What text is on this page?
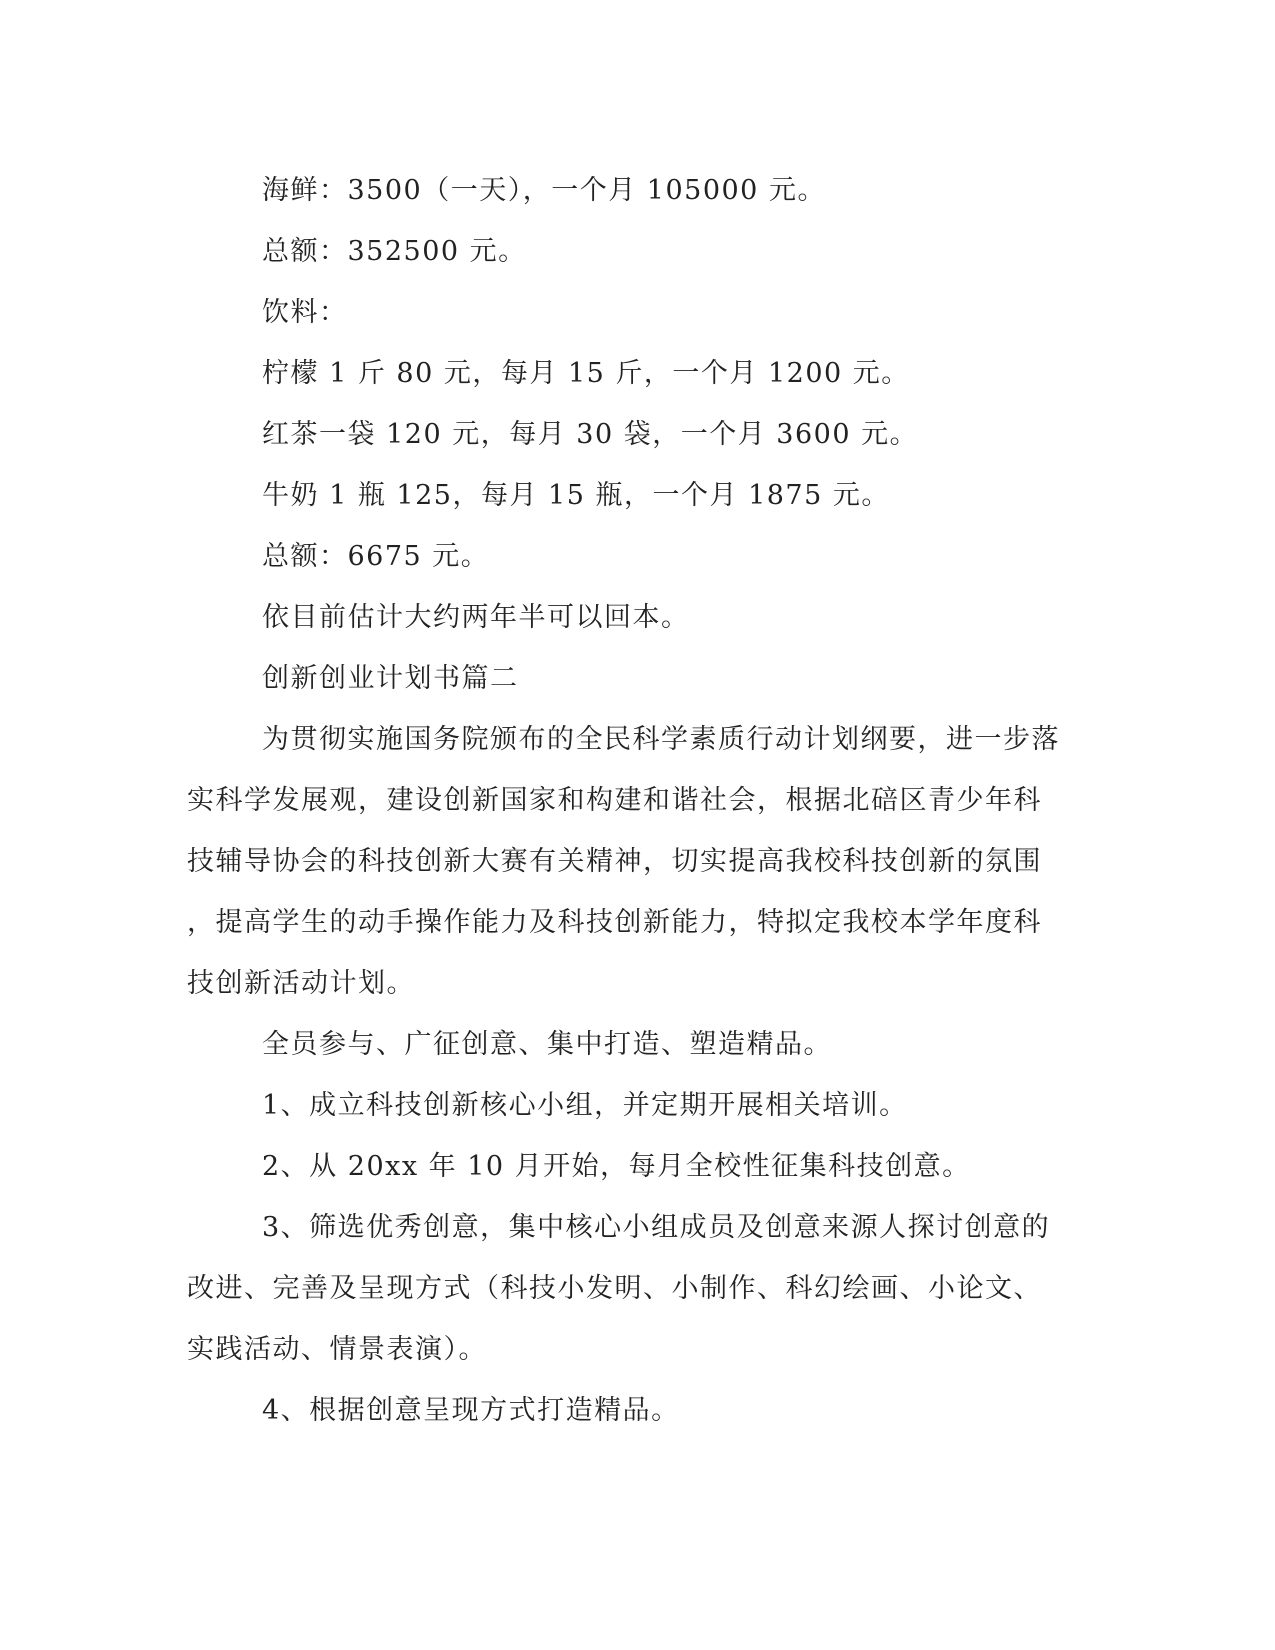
海鲜：3500（一天），一个月 105000 元。
总额：352500 元。
饮料：
柠檬 1 斤 80 元，每月 15 斤，一个月 1200 元。
红茶一袋 120 元，每月 30 袋，一个月 3600 元。
牛奶 1 瓶 125，每月 15 瓶，一个月 1875 元。
总额：6675 元。
依目前估计大约两年半可以回本。
创新创业计划书篇二
为贯彻实施国务院颁布的全民科学素质行动计划纲要，进一步落
实科学发展观，建设创新国家和构建和谐社会，根据北碚区青少年科
技辅导协会的科技创新大赛有关精神，切实提高我校科技创新的氛围
，提高学生的动手操作能力及科技创新能力，特拟定我校本学年度科
技创新活动计划。
全员参与、广征创意、集中打造、塑造精品。
1、成立科技创新核心小组，并定期开展相关培训。
2、从 20xx 年 10 月开始，每月全校性征集科技创意。
3、筛选优秀创意，集中核心小组成员及创意来源人探讨创意的
改进、完善及呈现方式（科技小发明、小制作、科幻绘画、小论文、
实践活动、情景表演）。
4、根据创意呈现方式打造精品。
